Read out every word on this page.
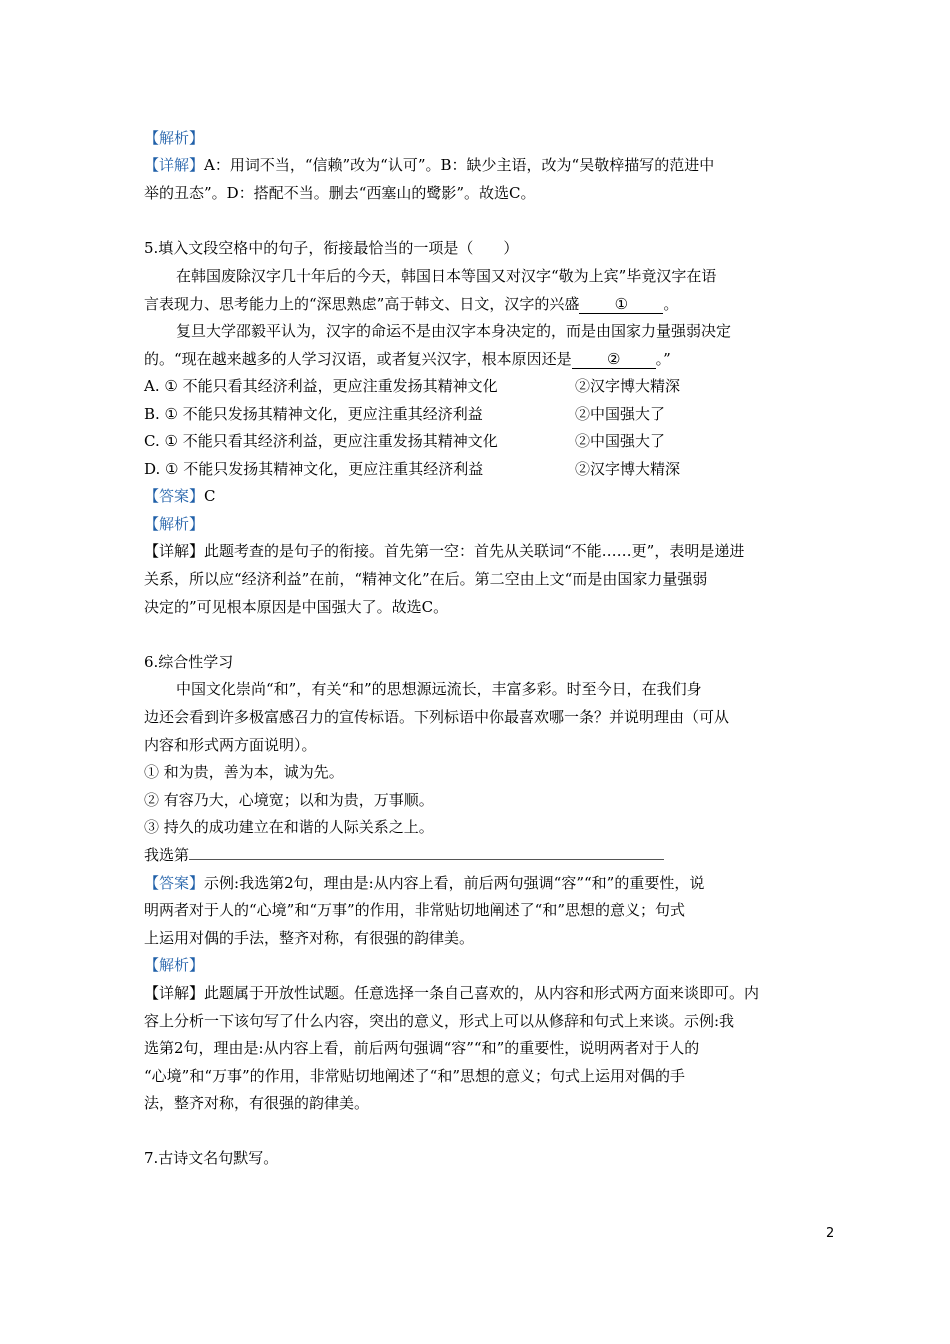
【解析】
【详解】A：用词不当，“信赖”改为“认可”。B：缺少主语，改为“吴敬梓描写的范进中
举的丑态”。D：搭配不当。删去“西塞山的鹭影”。故选C。
5.填入文段空格中的句子，衔接最恰当的一项是（　　）
在韩国废除汉字几十年后的今天，韩国日本等国又对汉字“敬为上宾”毕竟汉字在语
言表现力、思考能力上的“深思熟虑”高于韩文、日文，汉字的兴盛 ① 。
复旦大学邵毅平认为，汉字的命运不是由汉字本身决定的，而是由国家力量强弱决定
的。“现在越来越多的人学习汉语，或者复兴汉字，根本原因还是 ② 。”
A. ① 不能只看其经济利益，更应注重发扬其精神文化	②汉字博大精深
B. ① 不能只发扬其精神文化，更应注重其经济利益	②中国强大了
C. ① 不能只看其经济利益，更应注重发扬其精神文化	②中国强大了
D. ① 不能只发扬其精神文化，更应注重其经济利益	②汉字博大精深
【答案】C
【解析】
【详解】此题考查的是句子的衔接。首先第一空：首先从关联词“不能……更”，表明是递进
关系，所以应“经济利益”在前，“精神文化”在后。第二空由上文“而是由国家力量强弱
决定的”可见根本原因是中国强大了。故选C。
6.综合性学习
中国文化崇尚“和”，有关“和”的思想源远流长，丰富多彩。时至今日，在我们身
边还会看到许多极富感召力的宣传标语。下列标语中你最喜欢哪一条？并说明理由（可从
内容和形式两方面说明）。
① 和为贵，善为本，诚为先。
② 有容乃大，心境宽；以和为贵，万事顺。
③ 持久的成功建立在和谐的人际关系之上。
我选第
【答案】示例:我选第2句，理由是:从内容上看，前后两句强调“容”“和”的重要性，说
明两者对于人的“心境”和“万事”的作用，非常贴切地阐述了“和”思想的意义；句式
上运用对偶的手法，整齐对称，有很强的韵律美。
【解析】
【详解】此题属于开放性试题。任意选择一条自己喜欢的，从内容和形式两方面来谈即可。内
容上分析一下该句写了什么内容，突出的意义，形式上可以从修辞和句式上来谈。示例:我
选第2句，理由是:从内容上看，前后两句强调“容”“和”的重要性，说明两者对于人的
“心境”和“万事”的作用，非常贴切地阐述了“和”思想的意义；句式上运用对偶的手
法，整齐对称，有很强的韵律美。
7.古诗文名句默写。
2
